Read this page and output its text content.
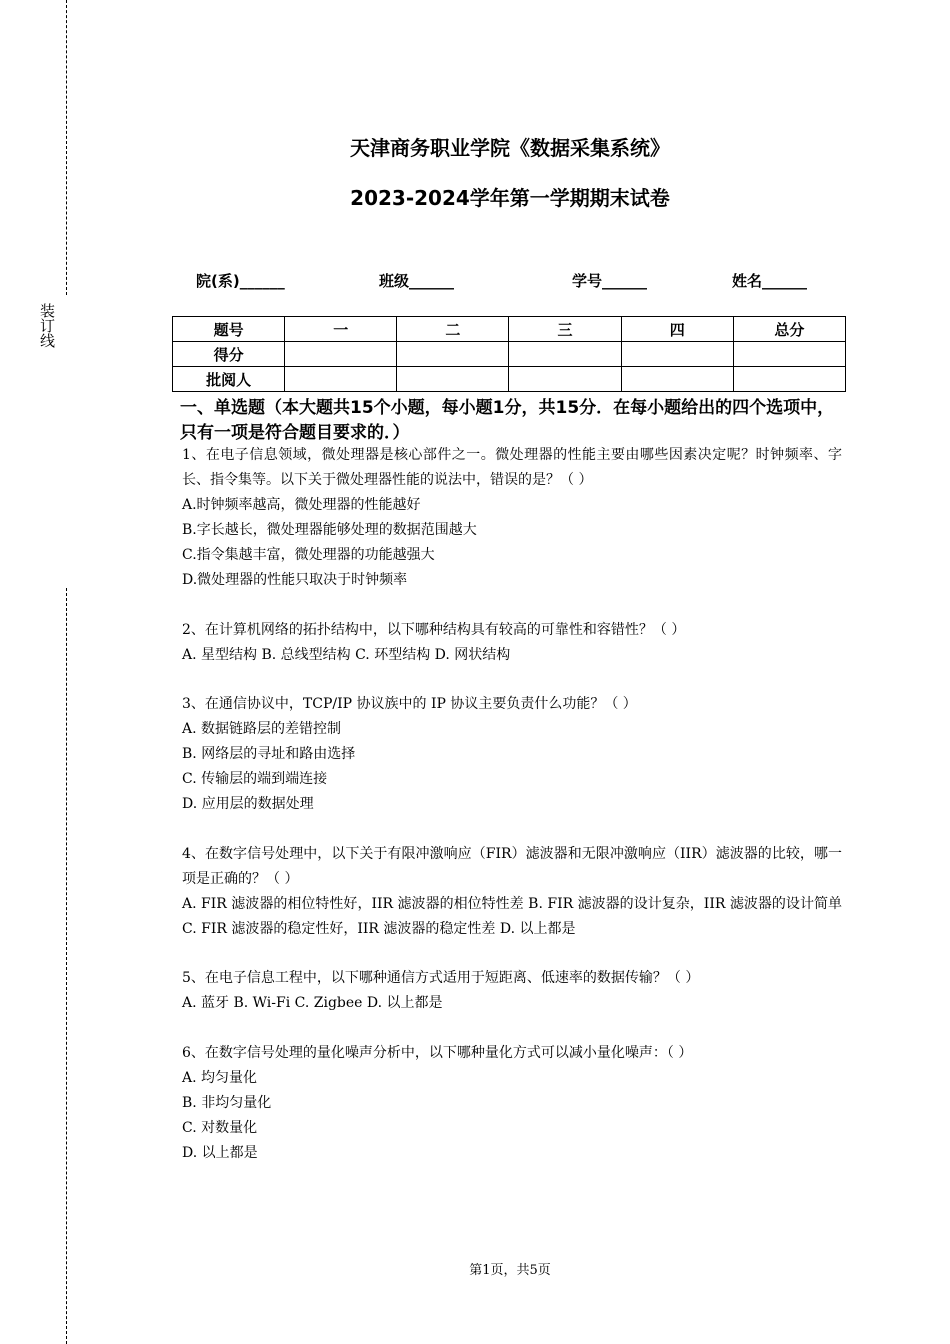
装订线
天津商务职业学院《数据采集系统》
2023-2024学年第一学期期末试卷
院(系)______	班级______	学号______	姓名______
题号	一	二	三	四	总分
得分					
批阅人					
一、单选题（本大题共15个小题，每小题1分，共15分．在每小题给出的四个选项中，只有一项是符合题目要求的．）
1、在电子信息领域，微处理器是核心部件之一。微处理器的性能主要由哪些因素决定呢？时钟频率、字长、指令集等。以下关于微处理器性能的说法中，错误的是？（ ）
A.时钟频率越高，微处理器的性能越好
B.字长越长，微处理器能够处理的数据范围越大
C.指令集越丰富，微处理器的功能越强大
D.微处理器的性能只取决于时钟频率
2、在计算机网络的拓扑结构中，以下哪种结构具有较高的可靠性和容错性？（ ）
A. 星型结构 B. 总线型结构 C. 环型结构 D. 网状结构
3、在通信协议中，TCP/IP 协议族中的 IP 协议主要负责什么功能？（ ）
A. 数据链路层的差错控制
B. 网络层的寻址和路由选择
C. 传输层的端到端连接
D. 应用层的数据处理
4、在数字信号处理中，以下关于有限冲激响应（FIR）滤波器和无限冲激响应（IIR）滤波器的比较，哪一项是正确的？（ ）
A. FIR 滤波器的相位特性好，IIR 滤波器的相位特性差 B. FIR 滤波器的设计复杂，IIR 滤波器的设计简单 C. FIR 滤波器的稳定性好，IIR 滤波器的稳定性差 D. 以上都是
5、在电子信息工程中，以下哪种通信方式适用于短距离、低速率的数据传输？（ ）
A. 蓝牙 B. Wi-Fi C. Zigbee D. 以上都是
6、在数字信号处理的量化噪声分析中，以下哪种量化方式可以减小量化噪声：（ ）
A. 均匀量化
B. 非均匀量化
C. 对数量化
D. 以上都是
第1页，共5页
